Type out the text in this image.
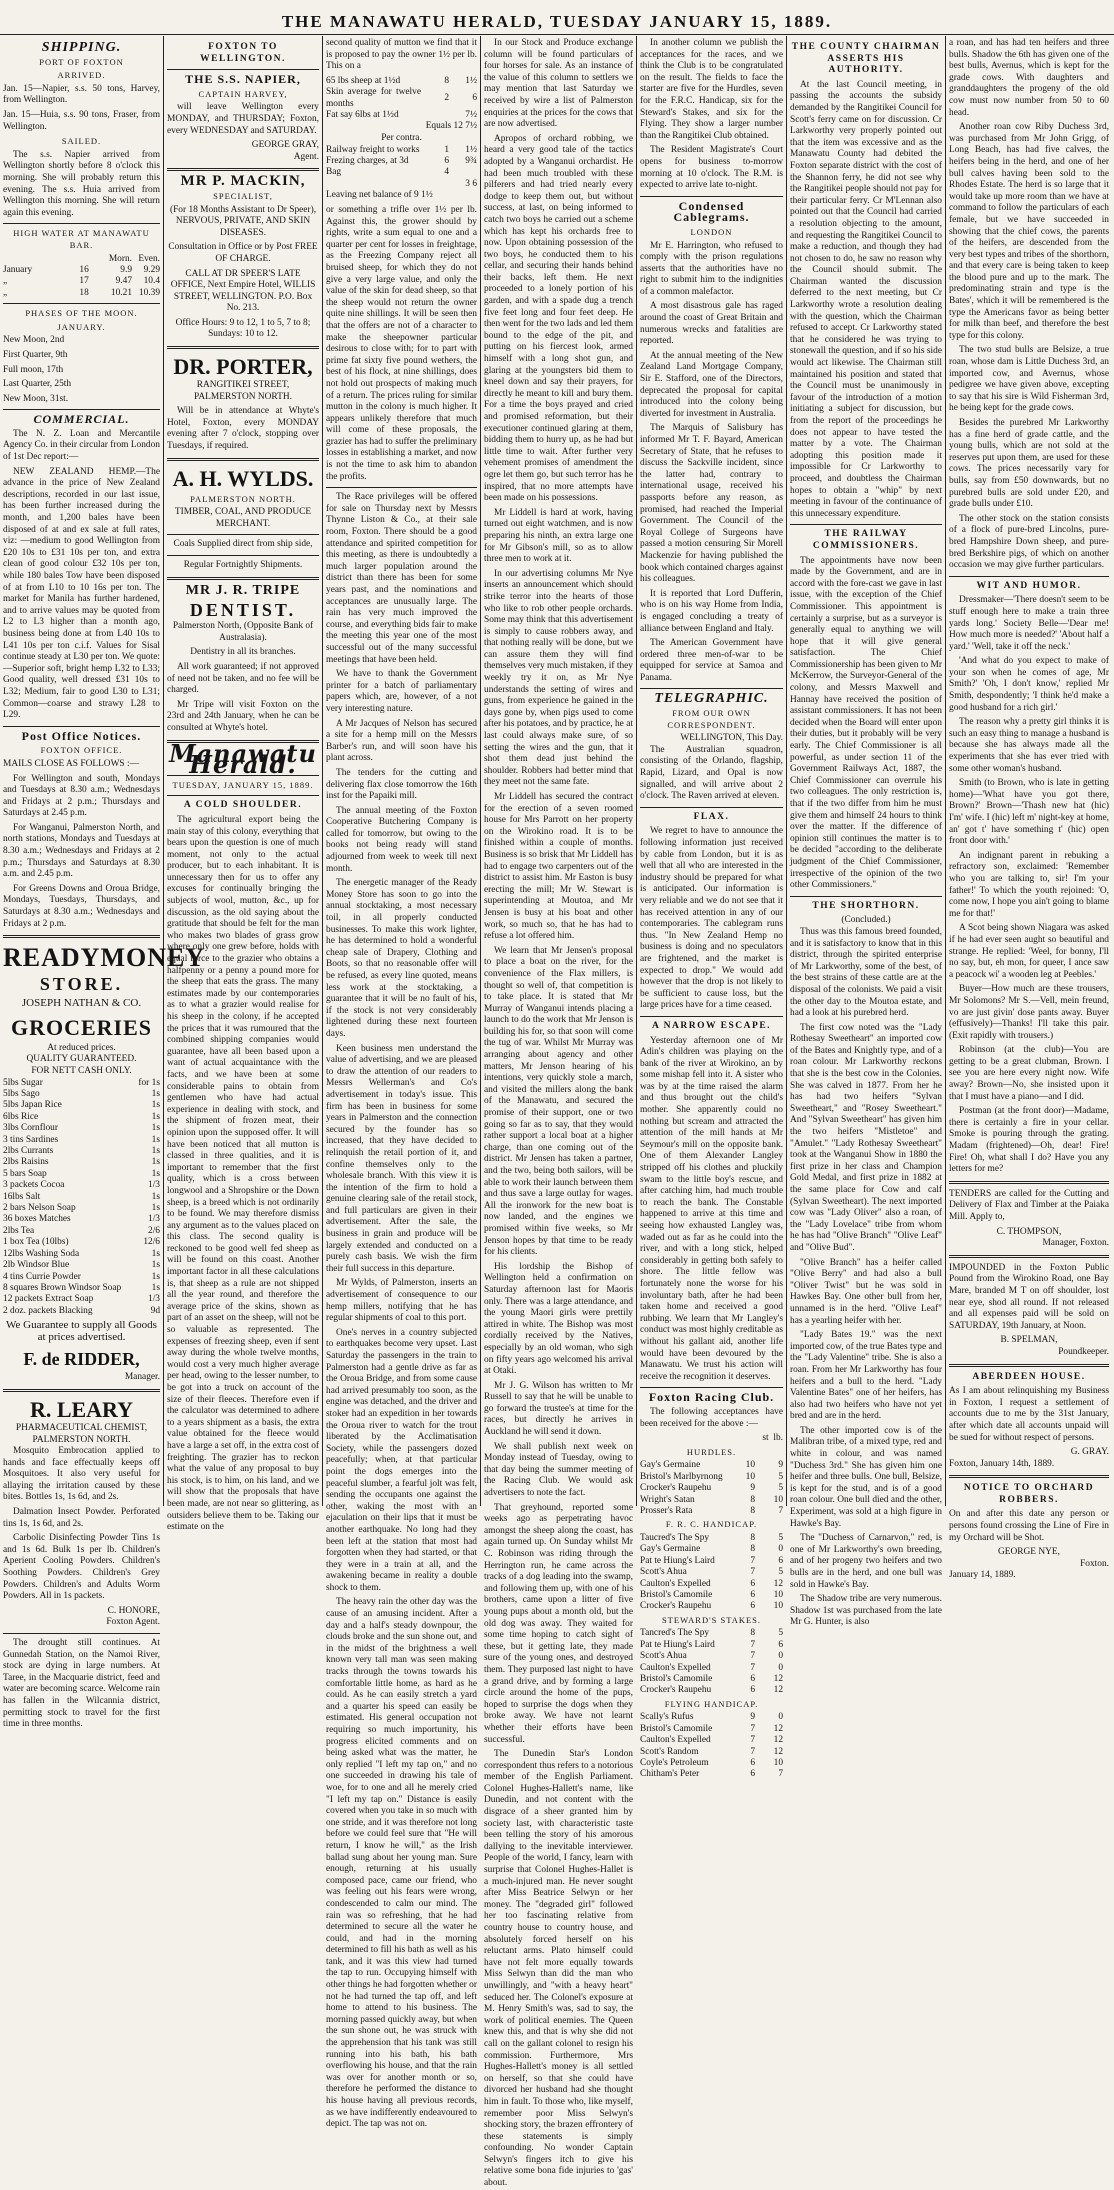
THE MANAWATU HERALD, TUESDAY JANUARY 15, 1889.
SHIPPING.
PORT OF FOXTON
ARRIVED.

Jan. 15—Napier, s.s. 50 tons, Harvey, from Wellington.

Jan. 15—Huia, s.s. 90 tons, Fraser, from Wellington.

SAILED.

The s.s. Napier arrived from Wellington shortly before 8 o'clock this morning. She will probably return this evening. The s.s. Huia arrived from Wellington this morning. She will return again this evening.

HIGH WATER AT MANAWATU BAR.
		Morn.	Even.
January	16	9.9	9.29
„	17	9.47	10.4
„	18	10.21	10.39
PHASES OF THE MOON.
JANUARY.

New Moon, 2nd

First Quarter, 9th

Full moon, 17th

Last Quarter, 25th

New Moon, 31st.

COMMERCIAL.

The N. Z. Loan and Mercantile Agency Co. in their circular from London of 1st Dec report:—

NEW ZEALAND HEMP.—The advance in the price of New Zealand descriptions, recorded in our last issue, has been further increased during the month, and 1,200 bales have been disposed of at and ex sale at full rates, viz: —medium to good Wellington from £20 10s to £31 10s per ton, and extra clean of good colour £32 10s per ton, while 180 bales Tow have been disposed of at from L10 to 10 16s per ton. The market for Manila has further hardened, and to arrive values may be quoted from L2 to L3 higher than a month ago, business being done at from L40 10s to L41 10s per ton c.i.f. Values for Sisal continue steady at L30 per ton. We quote: —Superior soft, bright hemp L32 to L33; Good quality, well dressed £31 10s to L32; Medium, fair to good L30 to L31; Common—coarse and strawy L28 to L29.

Post Office Notices.
FOXTON OFFICE.

MAILS CLOSE AS FOLLOWS :—

For Wellington and south, Mondays and Tuesdays at 8.30 a.m.; Wednesdays and Fridays at 2 p.m.; Thursdays and Saturdays at 2.45 p.m.

For Wanganui, Palmerston North, and north stations, Mondays and Tuesdays at 8.30 a.m.; Wednesdays and Fridays at 2 p.m.; Thursdays and Saturdays at 8.30 a.m. and 2.45 p.m.

For Greens Downs and Oroua Bridge, Mondays, Tuesdays, Thursdays, and Saturdays at 8.30 a.m.; Wednesdays and Fridays at 2 p.m.

READYMONEY
STORE.
JOSEPH NATHAN & CO.
GROCERIES
At reduced prices.
QUALITY GUARANTEED.
FOR NETT CASH ONLY.
5lbs Sugar	for 1s
5lbs Sago	1s
5lbs Japan Rice	1s
6lbs Rice	1s
3lbs Cornflour	1s
3 tins Sardines	1s
2lbs Currants	1s
2lbs Raisins	1s
5 bars Soap	1s
3 packets Cocoa	1/3
16lbs Salt	1s
2 bars Nelson Soap	1s
36 boxes Matches	1/3
2lbs Tea	2/6
1 box Tea (10lbs)	12/6
12lbs Washing Soda	1s
2lb Windsor Blue	1s
4 tins Currie Powder	1s
8 squares Brown Windsor Soap	1s
12 packets Extract Soap	1/3
2 doz. packets Blacking	9d

We Guarantee to supply all Goods at prices advertised.

F. de RIDDER,
Manager.
R. LEARY
PHARMACEUTICAL CHEMIST,
PALMERSTON NORTH.

Mosquito Embrocation applied to hands and face effectually keeps off Mosquitoes. It also very useful for allaying the irritation caused by these bites. Bottles 1s, 1s 6d, and 2s.

Dalmation Insect Powder. Perforated tins 1s, 1s 6d, and 2s.

Carbolic Disinfecting Powder Tins 1s and 1s 6d. Bulk 1s per lb. Children's Aperient Cooling Powders. Children's Soothing Powders. Children's Grey Powders. Children's and Adults Worm Powders. All in 1s packets.

C. HONORE,
Foxton Agent.

The drought still continues. At Gunnedah Station, on the Namoi River, stock are dying in large numbers. At Taree, in the Macquarie district, feed and water are becoming scarce. Welcome rain has fallen in the Wilcannia district, permitting stock to travel for the first time in three months.

FOXTON TO WELLINGTON.
THE S.S. NAPIER,
CAPTAIN HARVEY,

will leave Wellington every MONDAY, and THURSDAY; Foxton, every WEDNESDAY and SATURDAY.

GEORGE GRAY,
Agent.
MR P. MACKIN,
SPECIALIST,

(For 18 Months Assistant to Dr Speer), NERVOUS, PRIVATE, AND SKIN DISEASES.

Consultation in Office or by Post FREE OF CHARGE.

CALL AT DR SPEER'S LATE OFFICE, Next Empire Hotel, WILLIS STREET, WELLINGTON. P.O. Box No. 213.

Office Hours: 9 to 12, 1 to 5, 7 to 8; Sundays: 10 to 12.

DR. PORTER,

RANGITIKEI STREET, PALMERSTON NORTH.

Will be in attendance at Whyte's Hotel, Foxton, every MONDAY evening after 7 o'clock, stopping over Tuesdays, if required.

A. H. WYLDS.
PALMERSTON NORTH.
TIMBER, COAL, AND PRODUCE MERCHANT.
Coals Supplied direct from ship side,
Regular Fortnightly Shipments.
MR J. R. TRIPE
DENTIST.

Palmerston North, (Opposite Bank of Australasia).

Dentistry in all its branches.

All work guaranteed; if not approved of need not be taken, and no fee will be charged.

Mr Tripe will visit Foxton on the 23rd and 24th January, when he can be consulted at Whyte's hotel.

Manawatu Herald.
TUESDAY, JANUARY 15, 1889.
A COLD SHOULDER.

The agricultural export being the main stay of this colony, everything that bears upon the question is one of much moment, not only to the actual producer, but to each inhabitant. It is unnecessary then for us to offer any excuses for continually bringing the subjects of wool, mutton, &c., up for discussion, as the old saying about the gratitude that should be felt for the man who makes two blades of grass grow where only one grew before, holds with equal force to the grazier who obtains a halfpenny or a penny a pound more for the sheep that eats the grass. The many estimates made by our contemporaries as to what a grazier would realise for his sheep in the colony, if he accepted the prices that it was rumoured that the combined shipping companies would guarantee, have all been based upon a want of actual acquaintance with the facts, and we have been at some considerable pains to obtain from gentlemen who have had actual experience in dealing with stock, and the shipment of frozen meat, their opinion upon the supposed offer. It will have been noticed that all mutton is classed in three qualities, and it is important to remember that the first quality, which is a cross between longwool and a Shropshire or the Down sheep, is a breed which is not ordinarily to be found. We may therefore dismiss any argument as to the values placed on this class. The second quality is reckoned to be good well fed sheep as will be found on this coast. Another important factor in all these calculations is, that sheep as a rule are not shipped all the year round, and therefore the average price of the skins, shown as part of an asset on the sheep, will not be so valuable as represented. The expenses of freezing sheep, even if sent away during the whole twelve months, would cost a very much higher average per head, owing to the lesser number, to be got into a truck on account of the size of their fleeces. Therefore even if the calculator was determined to adhere to a years shipment as a basis, the extra value obtained for the fleece would have a large a set off, in the extra cost of freighting. The grazier has to reckon what the value of any proposal to buy his stock, is to him, on his land, and we will show that the proposals that have been made, are not near so glittering, as outsiders believe them to be. Taking our estimate on the

second quality of mutton we find that it is proposed to pay the owner 1½ per lb. This on a

65 lbs sheep at 1½d	8	1½
Skin average for twelve months	2	6
Fat say 6lbs at 1½d		7½
Equals 12 7½
Per contra.
Railway freight to works	1	1½
Frezing charges, at 3d	6	9¾
Bag	4	
3 6

Leaving net balance of 9 1½

or something a trifle over 1½ per lb. Against this, the grower should by rights, write a sum equal to one and a quarter per cent for losses in freightage, as the Freezing Company reject all bruised sheep, for which they do not give a very large value, and only the value of the skin for dead sheep, so that the sheep would not return the owner quite nine shillings. It will be seen then that the offers are not of a character to make the sheepowner particular desirous to close with; for to part with prime fat sixty five pound wethers, the best of his flock, at nine shillings, does not hold out prospects of making much of a return. The prices ruling for similar mutton in the colony is much higher. It appears unlikely therefore that much will come of these proposals, the grazier has had to suffer the preliminary losses in establishing a market, and now is not the time to ask him to abandon the profits.

The Race privileges will be offered for sale on Thursday next by Messrs Thynne Liston & Co., at their sale room, Foxton. There should be a good attendance and spirited competition for this meeting, as there is undoubtedly a much larger population around the district than there has been for some years past, and the nominations and acceptances are unusually large. The rain has very much improved the course, and everything bids fair to make the meeting this year one of the most successful out of the many successful meetings that have been held.

We have to thank the Government printer for a batch of parliamentary papers which, are, however, of a not very interesting nature.

A Mr Jacques of Nelson has secured a site for a hemp mill on the Messrs Barber's run, and will soon have his plant across.

The tenders for the cutting and delivering flax close tomorrow the 16th inst for the Papaiki mill.

The annual meeting of the Foxton Cooperative Butchering Company is called for tomorrow, but owing to the books not being ready will stand adjourned from week to week till next month.

The energetic manager of the Ready Money Store has soon to go into the annual stocktaking, a most necessary toil, in all properly conducted businesses. To make this work lighter, he has determined to hold a wonderful cheap sale of Drapery, Clothing and Boots, so that no reasonable offer will be refused, as every line quoted, means less work at the stocktaking, a guarantee that it will be no fault of his, if the stock is not very considerably lightened during these next fourteen days.

Keen business men understand the value of advertising, and we are pleased to draw the attention of our readers to Messrs Wellerman's and Co's advertisement in today's issue. This firm has been in business for some years in Palmerston and the connection secured by the founder has so increased, that they have decided to relinquish the retail portion of it, and confine themselves only to the wholesale branch. With this view it is the intention of the firm to hold a genuine clearing sale of the retail stock, and full particulars are given in their advertisement. After the sale, the business in grain and produce will be largely extended and conducted on a purely cash basis. We wish the firm their full success in this departure.

Mr Wylds, of Palmerston, inserts an advertisement of consequence to our hemp millers, notifying that he has regular shipments of coal to this port.

One's nerves in a country subjected to earthquakes become very upset. Last Saturday the passengers in the train to Palmerston had a gentle drive as far as the Oroua Bridge, and from some cause had arrived presumably too soon, as the engine was detached, and the driver and stoker had an expedition in her towards the Oroua river to watch for the trout liberated by the Acclimatisation Society, while the passengers dozed peacefully; when, at that particular point the dogs emerges into the peaceful slumber, a fearful jolt was felt, sending the occupants one against the other, waking the most with an ejaculation on their lips that it must be another earthquake. No long had they been left at the station that most had forgotten when they had started, or that they were in a train at all, and the awakening became in reality a double shock to them.

The heavy rain the other day was the cause of an amusing incident. After a day and a half's steady downpour, the clouds broke and the sun shone out, and in the midst of the brightness a well known very tall man was seen making tracks through the towns towards his comfortable little home, as hard as he could. As he can easily stretch a yard and a quarter his speed can easily be estimated. His general occupation not requiring so much importunity, his progress elicited comments and on being asked what was the matter, he only replied "I left my tap on," and no one succeeded in drawing his tale of woe, for to one and all he merely cried "I left my tap on." Distance is easily covered when you take in so much with one stride, and it was therefore not long before we could feel sure that "He will return, I know he will," as the Irish ballad sung about her young man. Sure enough, returning at his usually composed pace, came our friend, who was feeling out his fears were wrong, condescended to calm our mind. The rain was so refreshing, that he had determined to secure all the water he could, and had in the morning determined to fill his bath as well as his tank, and it was this view had turned the tap to run. Occupying himself with other things he had forgotten whether or not he had turned the tap off, and left home to attend to his business. The morning passed quickly away, but when the sun shone out, he was struck with the apprehension that his tank was still running into his bath, his bath overflowing his house, and that the rain was over for another month or so, therefore he performed the distance to his house having all previous records, as we have indifferently endeavoured to depict. The tap was not on.

In our Stock and Produce exchange column will be found particulars of four horses for sale. As an instance of the value of this column to settlers we may mention that last Saturday we received by wire a list of Palmerston enquiries at the prices for the cows that are now advertised.

Apropos of orchard robbing, we heard a very good tale of the tactics adopted by a Wanganui orchardist. He had been much troubled with these pilferers and had tried nearly every dodge to keep them out, but without success, at last, on being informed to catch two boys he carried out a scheme which has kept his orchards free to now. Upon obtaining possession of the two boys, he conducted them to his cellar, and securing their hands behind their backs, left them. He next proceeded to a lonely portion of his garden, and with a spade dug a trench five feet long and four feet deep. He then went for the two lads and led them bound to the edge of the pit, and putting on his fiercest look, armed himself with a long shot gun, and glaring at the youngsters bid them to kneel down and say their prayers, for directly he meant to kill and bury them. For a time the boys prayed and cried and promised reformation, but their executioner continued glaring at them, bidding them to hurry up, as he had but little time to wait. After further very vehement promises of amendment the ogre let them go, but such terror has he inspired, that no more attempts have been made on his possessions.

Mr Liddell is hard at work, having turned out eight watchmen, and is now preparing his ninth, an extra large one for Mr Gibson's mill, so as to allow three men to work at it.

In our advertising columns Mr Nye inserts an announcement which should strike terror into the hearts of those who like to rob other people orchards. Some may think that this advertisement is simply to cause robbers away, and that nothing really will be done, but we can assure them they will find themselves very much mistaken, if they weekly try it on, as Mr Nye understands the setting of wires and guns, from experience he gained in the days gone by, when pigs used to come after his potatoes, and by practice, he at last could always make sure, of so setting the wires and the gun, that it shot them dead just behind the shoulder. Robbers had better mind that they meet not the same fate.

Mr Liddell has secured the contract for the erection of a seven roomed house for Mrs Parrott on her property on the Wirokino road. It is to be finished within a couple of months. Business is so brisk that Mr Liddell has had to engage two carpenters out of the district to assist him. Mr Easton is busy erecting the mill; Mr W. Stewart is superintending at Moutoa, and Mr Jensen is busy at his boat and other work, so much so, that he has had to refuse a lot offered him.

We learn that Mr Jensen's proposal to place a boat on the river, for the convenience of the Flax millers, is thought so well of, that competition is to take place. It is stated that Mr Murray of Wanganui intends placing a launch to do the work that Mr Jenson is building his for, so that soon will come the tug of war. Whilst Mr Murray was arranging about agency and other matters, Mr Jenson hearing of his intentions, very quickly stole a march, and visited the millers along the bank of the Manawatu, and secured the promise of their support, one or two going so far as to say, that they would rather support a local boat at a higher charge, than one coming out of the district. Mr Jensen has taken a partner, and the two, being both sailors, will be able to work their launch between them and thus save a large outlay for wages. All the ironwork for the new boat is now landed, and the engines we promised within five weeks, so Mr Jenson hopes by that time to be ready for his clients.

His lordship the Bishop of Wellington held a confirmation on Saturday afternoon last for Maoris only. There was a large attendance, and the young Maori girls were prettily attired in white. The Bishop was most cordially received by the Natives, especially by an old woman, who sigh on fifty years ago welcomed his arrival at Otaki.

Mr J. G. Wilson has written to Mr Russell to say that he will be unable to go forward the trustee's at time for the races, but directly he arrives in Auckland he will send it down.

We shall publish next week on Monday instead of Tuesday, owing to that day being the summer meeting of the Racing Club. We would ask advertisers to note the fact.

That greyhound, reported some weeks ago as perpetrating havoc amongst the sheep along the coast, has again turned up. On Sunday whilst Mr C. Robinson was riding through the Herrington run, he came across the tracks of a dog leading into the swamp, and following them up, with one of his brothers, came upon a litter of five young pups about a month old, but the old dog was away. They waited for some time hoping to catch sight of these, but it getting late, they made sure of the young ones, and destroyed them. They purposed last night to have a grand drive, and by forming a large circle around the home of the pups, hoped to surprise the dogs when they broke away. We have not learnt whether their efforts have been successful.

The Dunedin Star's London correspondent thus refers to a notorious member of the English Parliament. Colonel Hughes-Hallett's name, like Dunedin, and not content with the disgrace of a sheer granted him by society last, with characteristic taste been telling the story of his amorous dallying to the inevitable interviewer. People of the world, I fancy, learn with surprise that Colonel Hughes-Hallet is a much-injured man. He never sought after Miss Beatrice Selwyn or her money. The "degraded girl" followed her too fascinating relative from country house to country house, and absolutely forced herself on his reluctant arms. Plato himself could have not felt more equally towards Miss Selwyn than did the man who unwillingly, and "with a heavy heart" seduced her. The Colonel's exposure at M. Henry Smith's was, sad to say, the work of political enemies. The Queen knew this, and that is why she did not call on the gallant colonel to resign his commission. Furthermore, Mrs Hughes-Hallett's money is all settled on herself, so that she could have divorced her husband had she thought him in fault. To those who, like myself, remember poor Miss Selwyn's shocking story, the brazen effrontery of these statements is simply confounding. No wonder Captain Selwyn's fingers itch to give his relative some bona fide injuries to 'gas' about.

In another column we publish the acceptances for the races, and we think the Club is to be congratulated on the result. The fields to face the starter are five for the Hurdles, seven for the F.R.C. Handicap, six for the Steward's Stakes, and six for the Flying. They show a larger number than the Rangitikei Club obtained.

The Resident Magistrate's Court opens for business to-morrow morning at 10 o'clock. The R.M. is expected to arrive late to-night.

Condensed Cablegrams.
LONDON

Mr E. Harrington, who refused to comply with the prison regulations asserts that the authorities have no right to submit him to the indignities of a common malefactor.

A most disastrous gale has raged around the coast of Great Britain and numerous wrecks and fatalities are reported.

At the annual meeting of the New Zealand Land Mortgage Company, Sir E. Stafford, one of the Directors, deprecated the proposal for capital introduced into the colony being diverted for investment in Australia.

The Marquis of Salisbury has informed Mr T. F. Bayard, American Secretary of State, that he refuses to discuss the Sackville incident, since the latter had, contrary to international usage, received his passports before any reason, as promised, had reached the Imperial Government. The Council of the Royal College of Surgeons have passed a motion censuring Sir Morell Mackenzie for having published the book which contained charges against his colleagues.

It is reported that Lord Dufferin, who is on his way Home from India, is engaged concluding a treaty of alliance between England and Italy.

The American Government have ordered three men-of-war to be equipped for service at Samoa and Panama.

TELEGRAPHIC.
FROM OUR OWN CORRESPONDENT.
WELLINGTON, This Day.

The Australian squadron, consisting of the Orlando, flagship, Rapid, Lizard, and Opal is now signalled, and will arrive about 2 o'clock. The Raven arrived at eleven.

FLAX.

We regret to have to announce the following information just received by cable from London, but it is as well that all who are interested in the industry should be prepared for what is anticipated. Our information is very reliable and we do not see that it has received attention in any of our contemporaries. The cablegram runs thus. "In New Zealand Hemp no business is doing and no speculators are frightened, and the market is expected to drop." We would add however that the drop is not likely to be sufficient to cause loss, but the large prices have for a time ceased.

A NARROW ESCAPE.

Yesterday afternoon one of Mr Adin's children was playing on the bank of the river at Wirokino, an by some mishap fell into it. A sister who was by at the time raised the alarm and thus brought out the child's mother. She apparently could no nothing but scream and attracted the attention of the mill hands at Mr Seymour's mill on the opposite bank. One of them Alexander Langley stripped off his clothes and pluckily swam to the little boy's rescue, and after catching him, had much trouble to reach the bank. The Constable happened to arrive at this time and seeing how exhausted Langley was, waded out as far as he could into the river, and with a long stick, helped considerably in getting both safely to shore. The little fellow was fortunately none the worse for his involuntary bath, after he had been taken home and received a good rubbing. We learn that Mr Langley's conduct was most highly creditable as without his gallant aid, another life would have been devoured by the Manawatu. We trust his action will receive the recognition it deserves.

Foxton Racing Club.

The following acceptances have been received for the above :—

st lb.
HURDLES.
Gay's Germaine	10	9
Bristol's Marlbyrnong	10	5
Crocker's Raupehu	9	5
Wright's Satan	8	10
Prosser's Rata	8	7
F. R. C. HANDICAP.
Taucred's The Spy	8	5
Gay's Germaine	8	0
Pat te Hiung's Laird	7	6
Scott's Ahua	7	5
Caulton's Expelled	6	12
Bristol's Camomile	6	10
Crocker's Raupehu	6	10
STEWARD'S STAKES.
Tancred's The Spy	8	5
Pat te Hiung's Laird	7	6
Scott's Ahua	7	0
Caulton's Expelled	7	0
Bristol's Camomile	6	12
Crocker's Raupehu	6	12
FLYING HANDICAP.
Scally's Rufus	9	0
Bristol's Camomile	7	12
Caulton's Expelled	7	12
Scott's Random	7	12
Coyle's Petroleum	6	10
Chitham's Peter	6	7
THE COUNTY CHAIRMAN ASSERTS HIS AUTHORITY.

At the last Council meeting, in passing the accounts the subsidy demanded by the Rangitikei Council for Scott's ferry came on for discussion. Cr Larkworthy very properly pointed out that the item was excessive and as the Manawatu County had debited the Foxton separate district with the cost of the Shannon ferry, he did not see why the Rangitikei people should not pay for their particular ferry. Cr M'Lennan also pointed out that the Council had carried a resolution objecting to the amount, and requesting the Rangitikei Council to make a reduction, and though they had not chosen to do, he saw no reason why the Council should submit. The Chairman wanted the discussion deferred to the next meeting, but Cr Larkworthy wrote a resolution dealing with the question, which the Chairman refused to accept. Cr Larkworthy stated that he considered he was trying to stonewall the question, and if so his side would act likewise. The Chairman still maintained his position and stated that the Council must be unanimously in favour of the introduction of a motion initiating a subject for discussion, but from the report of the proceedings he does not appear to have tested the matter by a vote. The Chairman adopting this position made it impossible for Cr Larkworthy to proceed, and doubtless the Chairman hopes to obtain a "whip" by next meeting in favour of the continuance of this unnecessary expenditure.

THE RAILWAY COMMISSIONERS.

The appointments have now been made by the Government, and are in accord with the fore-cast we gave in last issue, with the exception of the Chief Commissioner. This appointment is certainly a surprise, but as a surveyor is generally equal to anything we will hope that it will give general satisfaction. The Chief Commissionership has been given to Mr McKerrow, the Surveyor-General of the colony, and Messrs Maxwell and Hannay have received the position of assistant commissioners. It has not been decided when the Board will enter upon their duties, but it probably will be very early. The Chief Commissioner is all powerful, as under section 11 of the Government Railways Act, 1887, the Chief Commissioner can overrule his two colleagues. The only restriction is, that if the two differ from him he must give them and himself 24 hours to think over the matter. If the difference of opinion still continues the matter is to be decided "according to the deliberate judgment of the Chief Commissioner, irrespective of the opinion of the two other Commissioners."

THE SHORTHORN.
(Concluded.)

Thus was this famous breed founded, and it is satisfactory to know that in this district, through the spirited enterprise of Mr Larkworthy, some of the best, of the best strains of these cattle are at the disposal of the colonists. We paid a visit the other day to the Moutoa estate, and had a look at his purebred herd.

The first cow noted was the "Lady Rothesay Sweetheart" an imported cow of the Bates and Knightly type, and of a roan colour. Mr Larkworthy reckons that she is the best cow in the Colonies. She was calved in 1877. From her he has had two heifers "Sylvan Sweetheart," and "Rosey Sweetheart." And "Sylvan Sweetheart" has given him the two heifers "Mistletoe" and "Amulet." "Lady Rothesay Sweetheart" took at the Wanganui Show in 1880 the first prize in her class and Champion Gold Medal, and first prize in 1882 at the same place for Cow and calf (Sylvan Sweetheart). The next imported cow was "Lady Oliver" also a roan, of the "Lady Lovelace" tribe from whom he has had "Olive Branch" "Olive Leaf" and "Olive Bud".

"Olive Branch" has a heifer called "Olive Berry" and had also a bull "Oliver Twist" but he was sold in Hawkes Bay. One other bull from her, unnamed is in the herd. "Olive Leaf" has a yearling heifer with her.

"Lady Bates 19." was the next imported cow, of the true Bates type and the "Lady Valentine" tribe. She is also a roan. From her Mr Larkworthy has four heifers and a bull to the herd. "Lady Valentine Bates" one of her heifers, has also had two heifers who have not yet bred and are in the herd.

The other imported cow is of the Malibran tribe, of a mixed type, red and white in colour, and was named "Duchess 3rd." She has given him one heifer and three bulls. One bull, Belsize, is kept for the stud, and is of a good roan colour. One bull died and the other, Experiment, was sold at a high figure in Hawke's Bay.

The "Duchess of Carnarvon," red, is one of Mr Larkworthy's own breeding, and of her progeny two heifers and two bulls are in the herd, and one bull was sold in Hawke's Bay.

The Shadow tribe are very numerous. Shadow 1st was purchased from the late Mr G. Hunter, is also

a roan, and has had ten heifers and three bulls. Shadow the 6th has given one of the best bulls, Avernus, which is kept for the grade cows. With daughters and granddaughters the progeny of the old cow must now number from 50 to 60 head.

Another roan cow Riby Duchess 3rd, was purchased from Mr John Grigg, of Long Beach, has had five calves, the heifers being in the herd, and one of her bull calves having been sold to the Rhodes Estate. The herd is so large that it would take up more room than we have at command to follow the particulars of each female, but we have succeeded in showing that the chief cows, the parents of the heifers, are descended from the very best types and tribes of the shorthorn, and that every care is being taken to keep the blood pure and up to the mark. The predominating strain and type is the Bates', which it will be remembered is the type the Americans favor as being better for milk than beef, and therefore the best type for this colony.

The two stud bulls are Belsize, a true roan, whose dam is Little Duchess 3rd, an imported cow, and Avernus, whose pedigree we have given above, excepting to say that his sire is Wild Fisherman 3rd, he being kept for the grade cows.

Besides the purebred Mr Larkworthy has a fine herd of grade cattle, and the young bulls, which are not sold at the reserves put upon them, are used for these cows. The prices necessarily vary for bulls, say from £50 downwards, but no purebred bulls are sold under £20, and grade bulls under £10.

The other stock on the station consists of a flock of pure-bred Lincolns, pure-bred Hampshire Down sheep, and pure-bred Berkshire pigs, of which on another occasion we may give further particulars.

WIT AND HUMOR.

Dressmaker—'There doesn't seem to be stuff enough here to make a train three yards long.' Society Belle—'Dear me! How much more is needed?' 'About half a yard.' 'Well, take it off the neck.'

'And what do you expect to make of your son when he comes of age, Mr Smith?' 'Oh, I don't know,' replied Mr Smith, despondently; 'I think he'd make a good husband for a rich girl.'

The reason why a pretty girl thinks it is such an easy thing to manage a husband is because she has always made all the experiments that she has ever tried with some other woman's husband.

Smith (to Brown, who is late in getting home)—'What have you got there, Brown?' Brown—'Thash new hat (hic) I'm' wife. I (hic) left m' night-key at home, an' got t' have something t' (hic) open front door with.'

An indignant parent in rebuking a refractory son, exclaimed: 'Remember who you are talking to, sir! I'm your father!' To which the youth rejoined: 'O, come now, I hope you ain't going to blame me for that!'

A Scot being shown Niagara was asked if he had ever seen aught so beautiful and strange. He replied: 'Weel, for bonny, I'll no say, but, eh mon, for queer, I ance saw a peacock wi' a wooden leg at Peebles.'

Buyer—How much are these trousers, Mr Solomons? Mr S.—Vell, mein freund, vo are just givin' dose pants away. Buyer (effusively)—Thanks! I'll take this pair. (Exit rapidly with trousers.)

Robinson (at the club)—You are getting to be a great clubman, Brown. I see you are here every night now. Wife away? Brown—No, she insisted upon it that I must have a piano—and I did.

Postman (at the front door)—Madame, there is certainly a fire in your cellar. Smoke is pouring through the grating. Madam (frightened)—Oh, dear! Fire! Fire! Oh, what shall I do? Have you any letters for me?

TENDERS are called for the Cutting and Delivery of Flax and Timber at the Paiaka Mill. Apply to,

C. THOMPSON,
Manager, Foxton.

IMPOUNDED in the Foxton Public Pound from the Wirokino Road, one Bay Mare, branded M T on off shoulder, lost near eye, shod all round. If not released and all expenses paid will be sold on SATURDAY, 19th January, at Noon.

B. SPELMAN,
Poundkeeper.
ABERDEEN HOUSE.

As I am about relinquishing my Business in Foxton, I request a settlement of accounts due to me by the 31st January, after which date all accounts unpaid will be sued for without respect of persons.

G. GRAY.
Foxton, January 14th, 1889.
NOTICE TO ORCHARD ROBBERS.

On and after this date any person or persons found crossing the Line of Fire in my Orchard will be Shot.

GEORGE NYE,
Foxton.
January 14, 1889.
